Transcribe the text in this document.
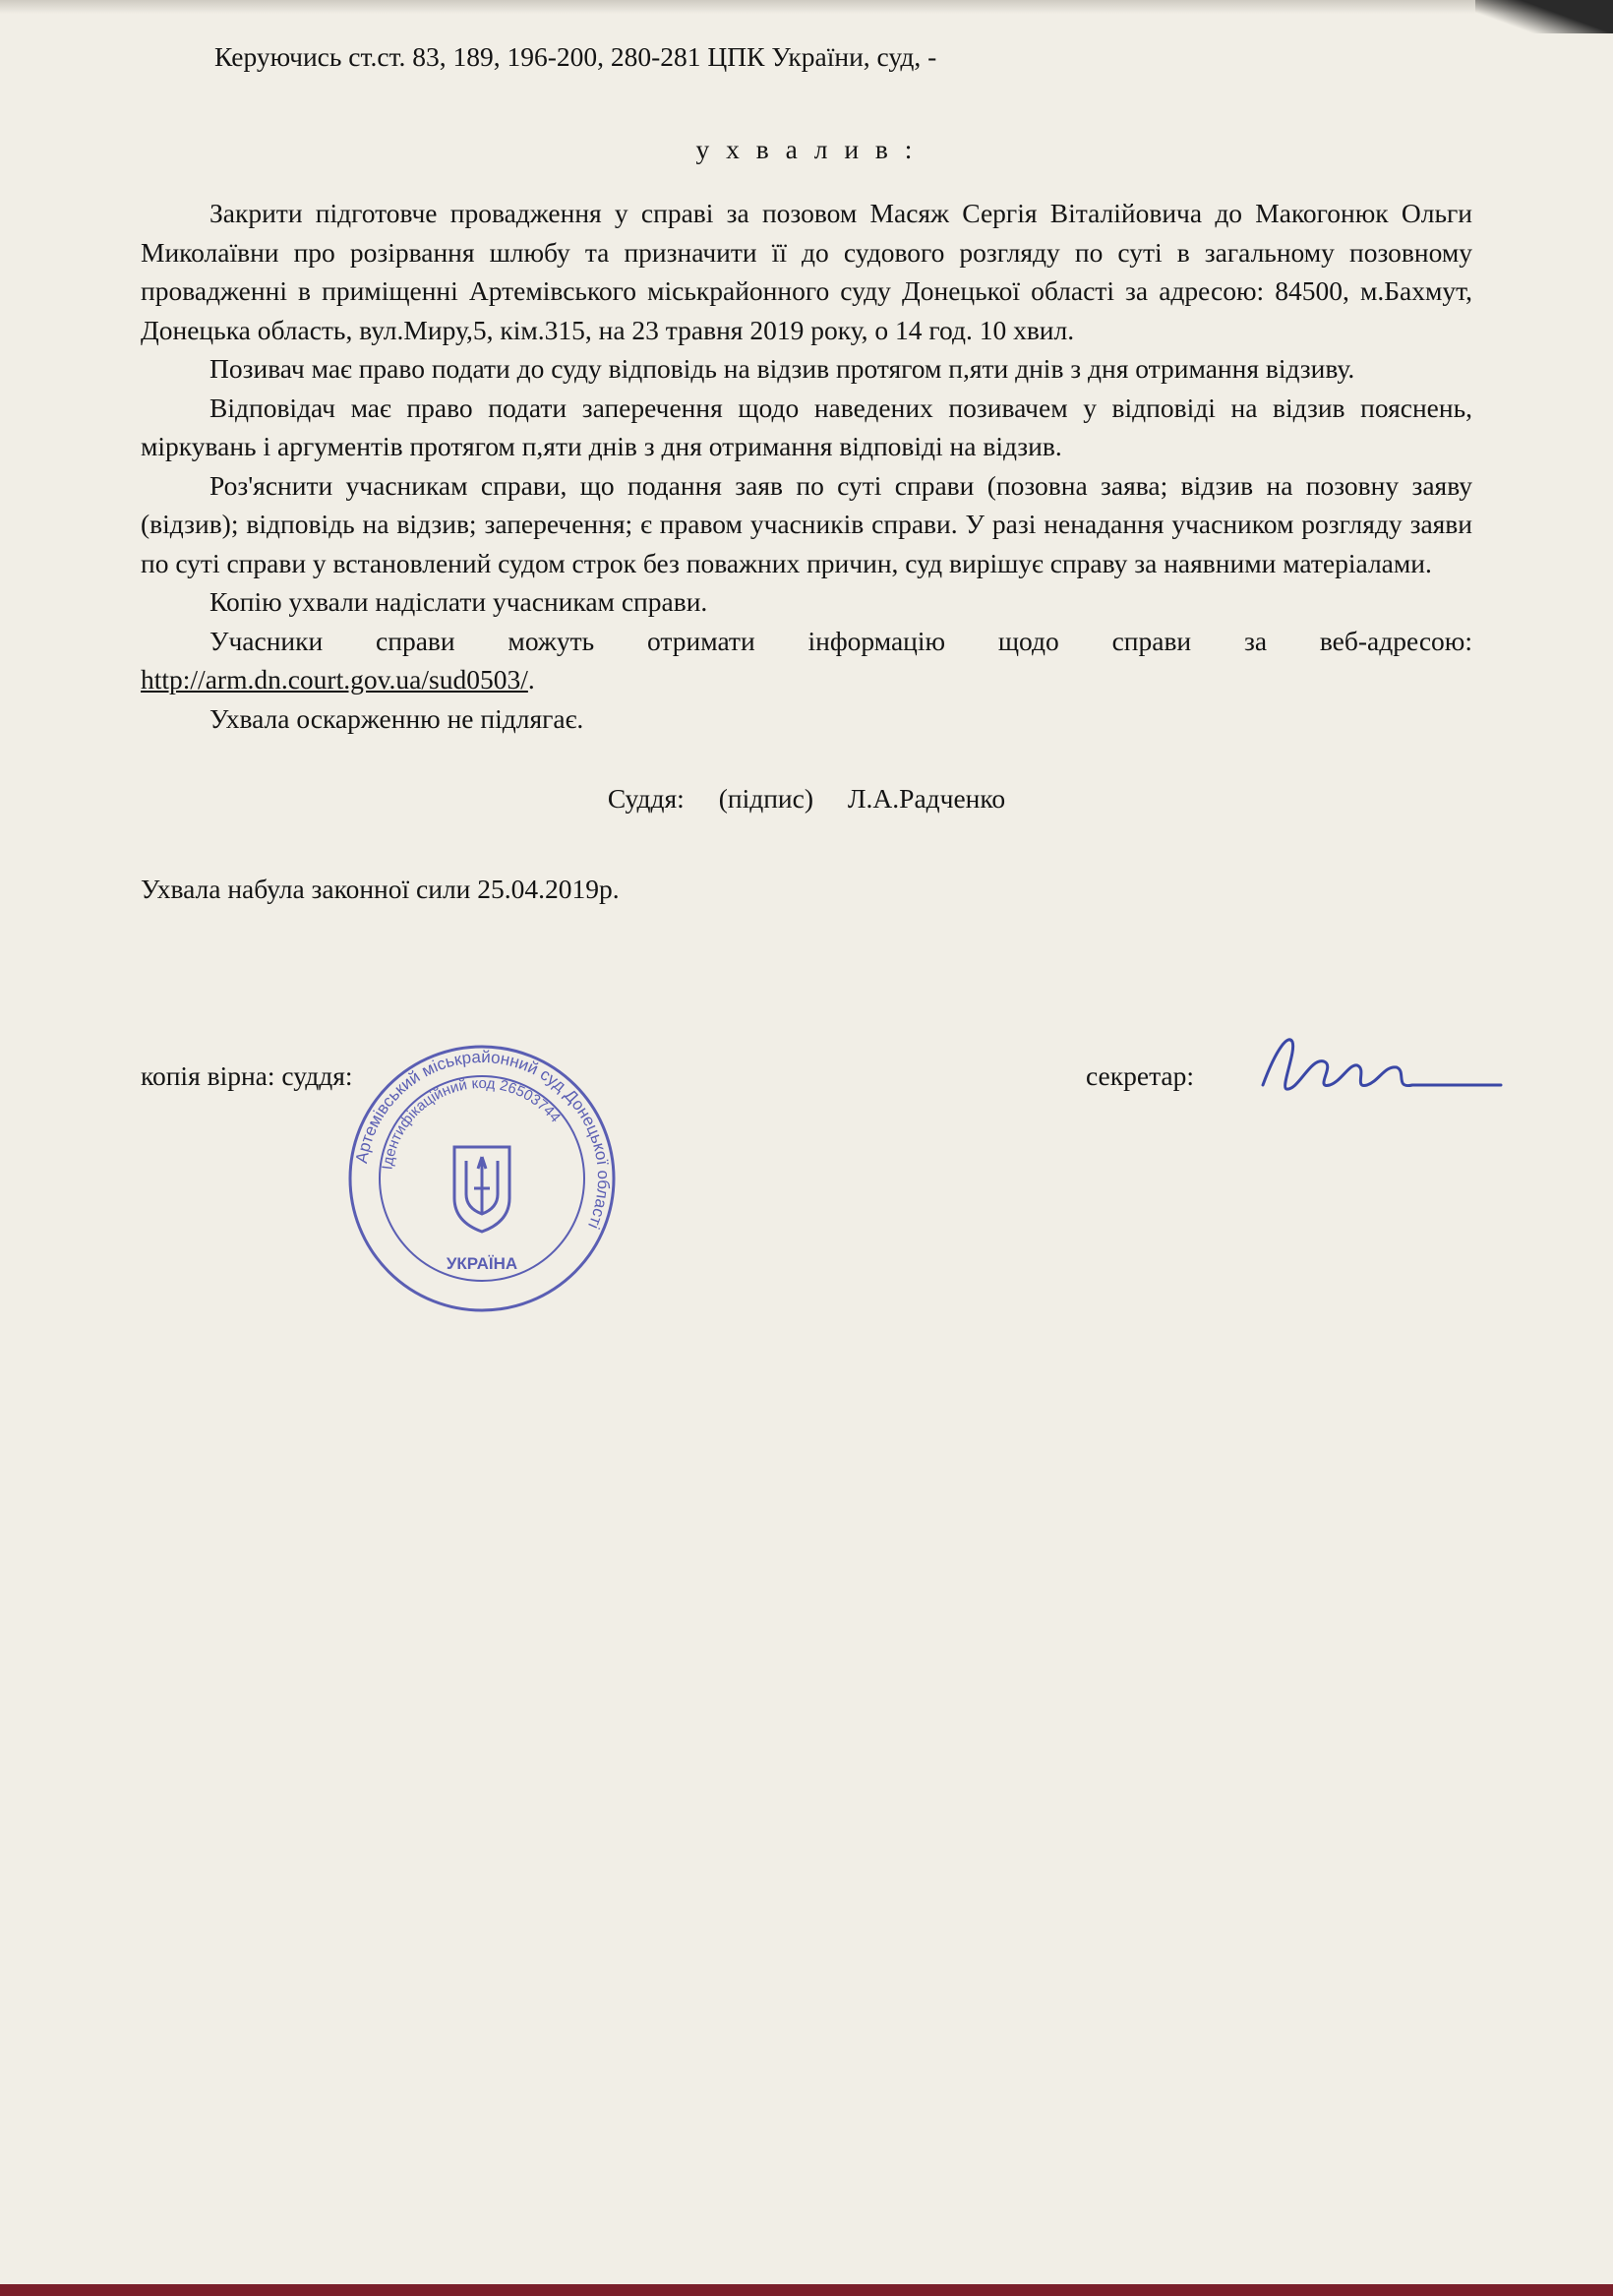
Керуючись ст.ст. 83, 189, 196-200, 280-281 ЦПК України, суд, -

у х в а л и в :

Закрити підготовче провадження у справі за позовом Масяж Сергія Віталійовича до Макогонюк Ольги Миколаївни про розірвання шлюбу та призначити її до судового розгляду по суті в загальному позовному провадженні в приміщенні Артемівського міськрайонного суду Донецької області за адресою: 84500, м.Бахмут, Донецька область, вул.Миру,5, кім.315, на 23 травня 2019 року, о 14 год. 10 хвил.

Позивач має право подати до суду відповідь на відзив протягом п,яти днів з дня отримання відзиву.

Відповідач має право подати заперечення щодо наведених позивачем у відповіді на відзив пояснень, міркувань і аргументів протягом п,яти днів з дня отримання відповіді на відзив.

Роз'яснити учасникам справи, що подання заяв по суті справи (позовна заява; відзив на позовну заяву (відзив); відповідь на відзив; заперечення; є правом учасників справи. У разі ненадання учасником розгляду заяви по суті справи у встановлений судом строк без поважних причин, суд вирішує справу за наявними матеріалами.

Копію ухвали надіслати учасникам справи.

Учасники справи можуть отримати інформацію щодо справи за веб-адресою: http://arm.dn.court.gov.ua/sud0503/.

Ухвала оскарженню не підлягає.

Суддя: (підпис) Л.А.Радченко

Ухвала набула законної сили 25.04.2019р.

копія вірна: суддя:	секретар:
Артемівський міськрайонний суд Донецької області
Ідентифікаційний код 26503744
УКРАЇНА
